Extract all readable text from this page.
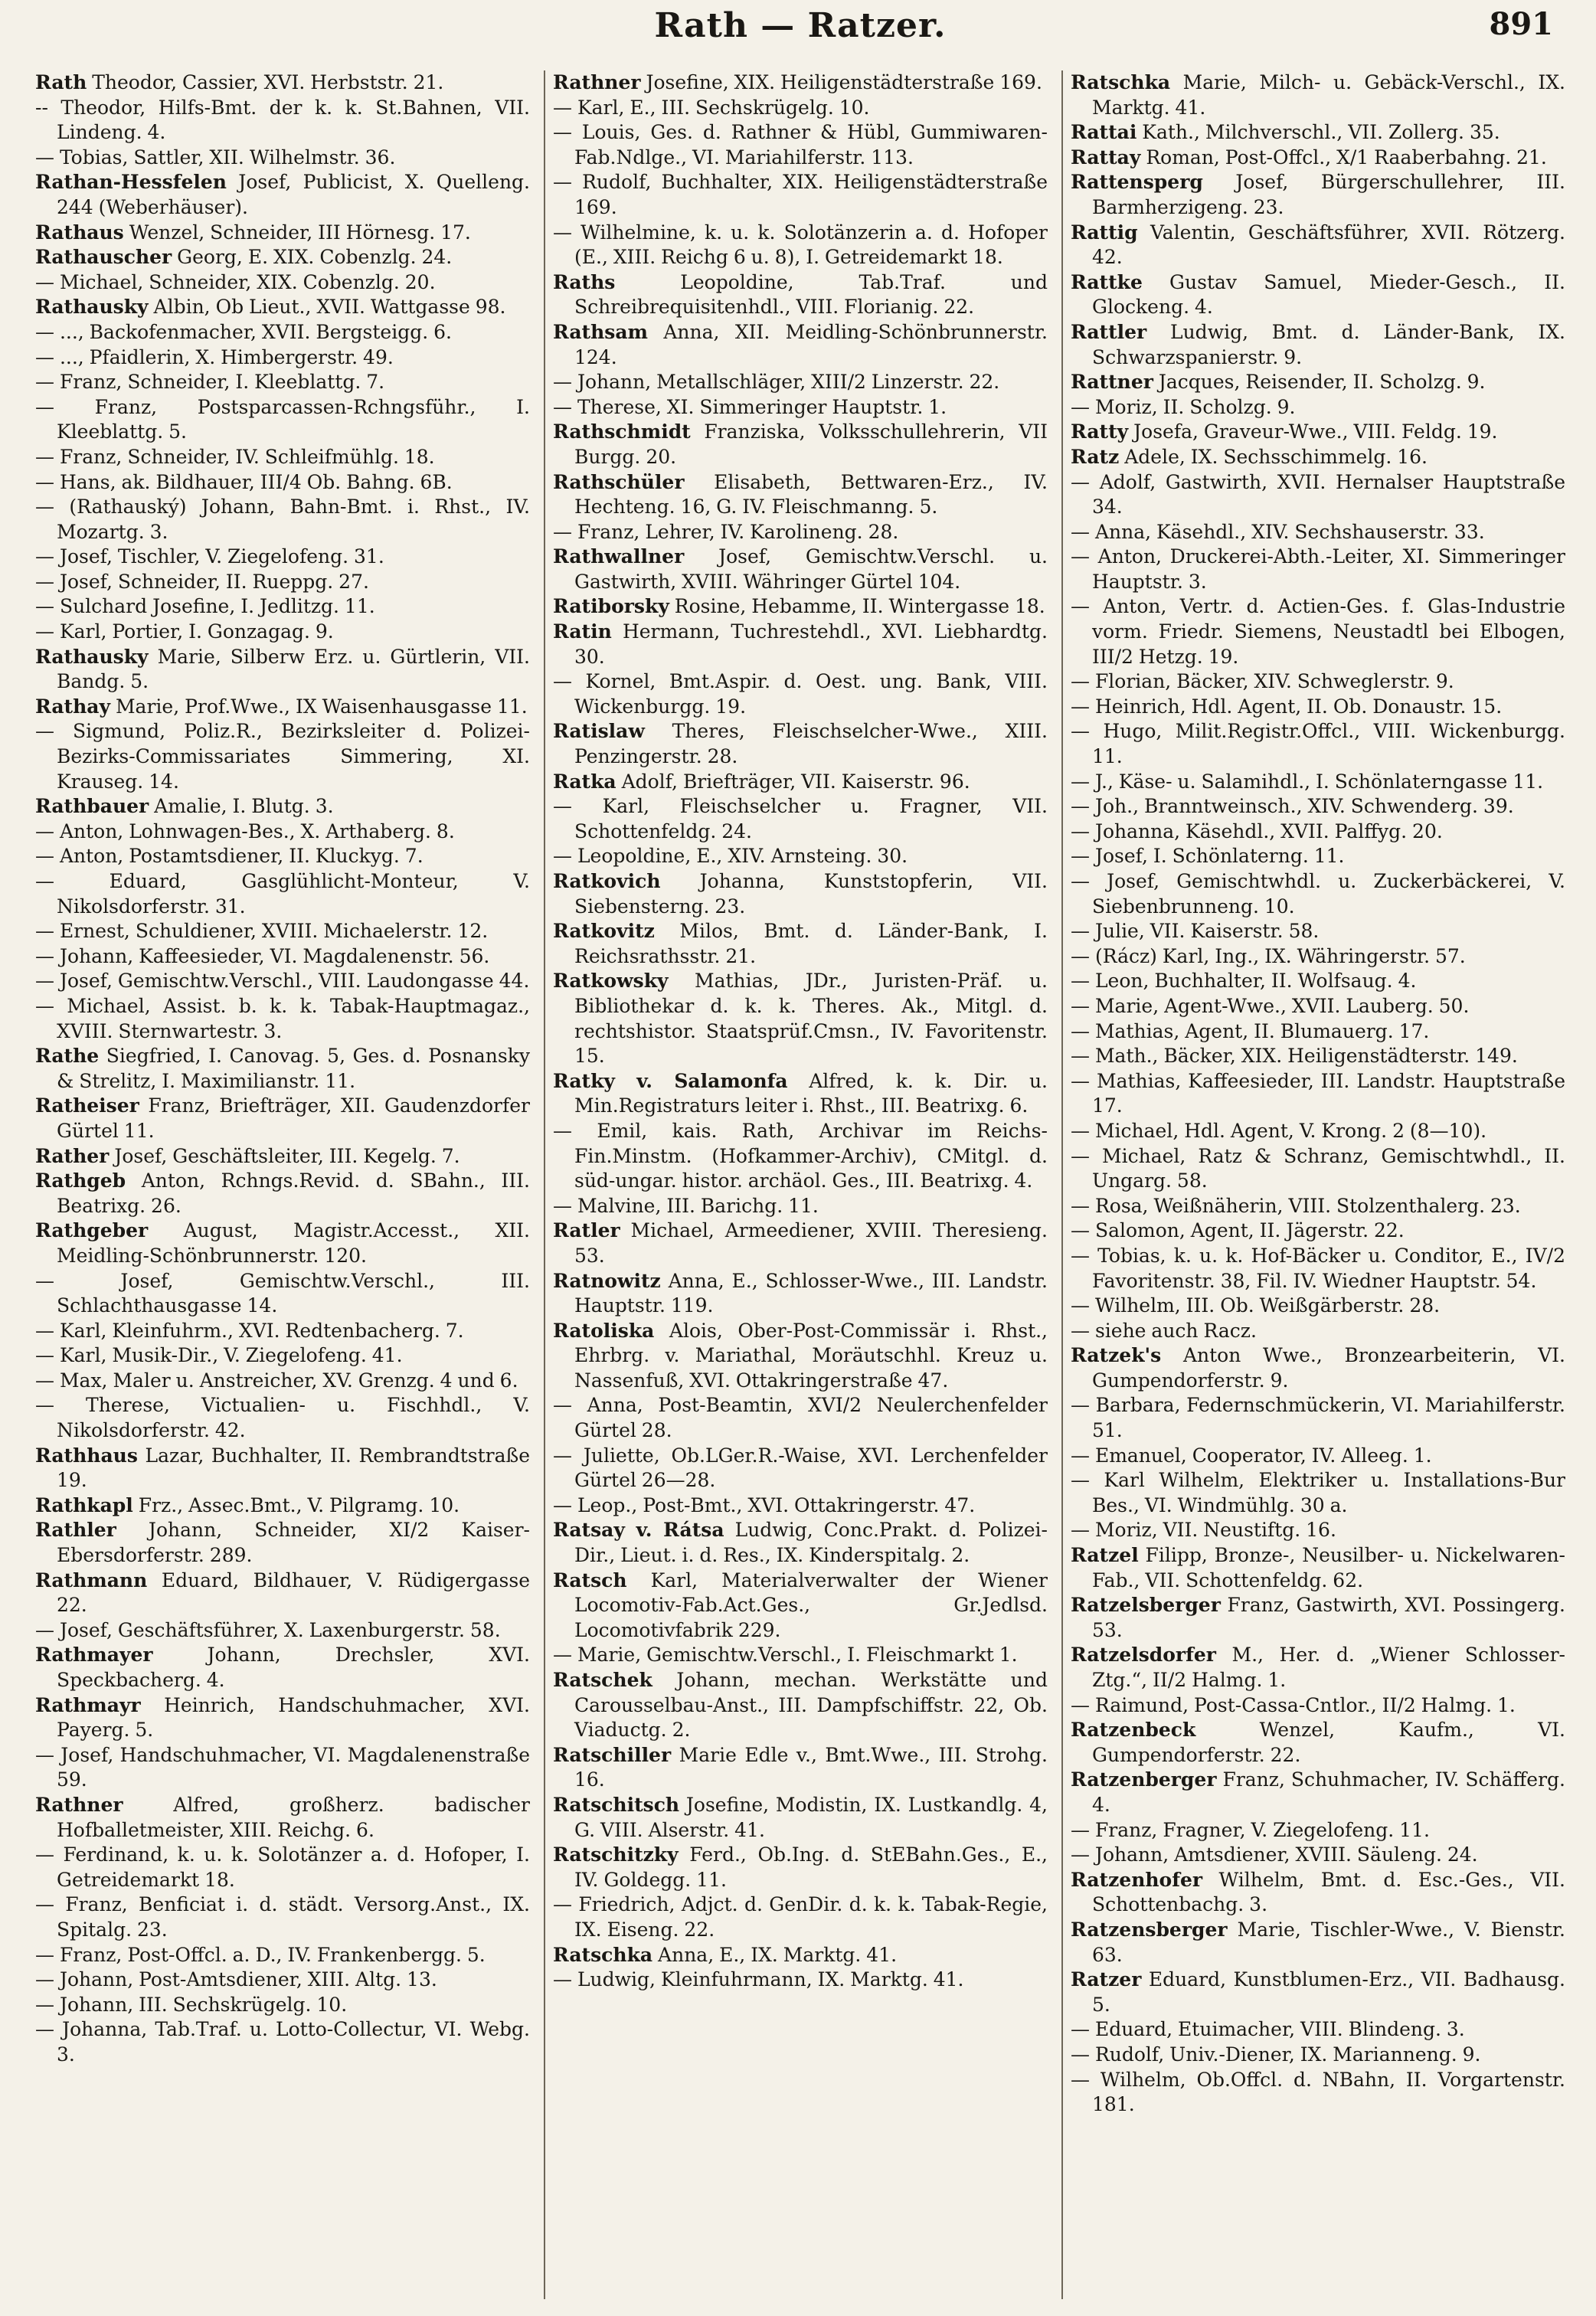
Rath — Ratzer.	891
Rath Theodor, Cassier, XVI. Herbststr. 21.
-- Theodor, Hilfs-Bmt. der k. k. St.Bahnen, VII. Lindeng. 4.
— Tobias, Sattler, XII. Wilhelmstr. 36.
Rathan-Hessfelen Josef, Publicist, X. Quelleng. 244 (Weberhäuser).
Rathaus Wenzel, Schneider, III Hörnesg. 17.
Rathauscher Georg, E. XIX. Cobenzlg. 24.
— Michael, Schneider, XIX. Cobenzlg. 20.
Rathausky Albin, Ob Lieut., XVII. Wattgasse 98.
— ..., Backofenmacher, XVII. Bergsteigg. 6.
— ..., Pfaidlerin, X. Himbergerstr. 49.
— Franz, Schneider, I. Kleeblattg. 7.
— Franz, Postsparcassen-Rchngsführ., I. Kleeblattg. 5.
— Franz, Schneider, IV. Schleifmühlg. 18.
— Hans, ak. Bildhauer, III/4 Ob. Bahng. 6B.
— (Rathauský) Johann, Bahn-Bmt. i. Rhst., IV. Mozartg. 3.
— Josef, Tischler, V. Ziegelofeng. 31.
— Josef, Schneider, II. Rueppg. 27.
— Sulchard Josefine, I. Jedlitzg. 11.
— Karl, Portier, I. Gonzagag. 9.
Rathausky Marie, Silberw Erz. u. Gürtlerin, VII. Bandg. 5.
Rathay Marie, Prof.Wwe., IX Waisenhausgasse 11.
— Sigmund, Poliz.R., Bezirksleiter d. Polizei-Bezirks-Commissariates Simmering, XI. Krauseg. 14.
Rathbauer Amalie, I. Blutg. 3.
— Anton, Lohnwagen-Bes., X. Arthaberg. 8.
— Anton, Postamtsdiener, II. Kluckyg. 7.
— Eduard, Gasglühlicht-Monteur, V. Nikolsdorferstr. 31.
— Ernest, Schuldiener, XVIII. Michaelerstr. 12.
— Johann, Kaffeesieder, VI. Magdalenenstr. 56.
— Josef, Gemischtw.Verschl., VIII. Laudongasse 44.
— Michael, Assist. b. k. k. Tabak-Hauptmagaz., XVIII. Sternwartestr. 3.
Rathe Siegfried, I. Canovag. 5, Ges. d. Posnansky & Strelitz, I. Maximilianstr. 11.
Ratheiser Franz, Briefträger, XII. Gaudenzdorfer Gürtel 11.
Rather Josef, Geschäftsleiter, III. Kegelg. 7.
Rathgeb Anton, Rchngs.Revid. d. SBahn., III. Beatrixg. 26.
Rathgeber August, Magistr.Accesst., XII. Meidling-Schönbrunnerstr. 120.
— Josef, Gemischtw.Verschl., III. Schlachthausgasse 14.
— Karl, Kleinfuhrm., XVI. Redtenbacherg. 7.
— Karl, Musik-Dir., V. Ziegelofeng. 41.
— Max, Maler u. Anstreicher, XV. Grenzg. 4 und 6.
— Therese, Victualien- u. Fischhdl., V. Nikolsdorferstr. 42.
Rathhaus Lazar, Buchhalter, II. Rembrandtstraße 19.
Rathkapl Frz., Assec.Bmt., V. Pilgramg. 10.
Rathler Johann, Schneider, XI/2 Kaiser-Ebersdorferstr. 289.
Rathmann Eduard, Bildhauer, V. Rüdigergasse 22.
— Josef, Geschäftsführer, X. Laxenburgerstr. 58.
Rathmayer	Johann, Drechsler, XVI. Speckbacherg. 4.
Rathmayr Heinrich, Handschuhmacher, XVI. Payerg. 5.
— Josef, Handschuhmacher, VI. Magdalenenstraße 59.
Rathner	Alfred, großherz. badischer Hofballetmeister, XIII. Reichg. 6.
— Ferdinand, k. u. k. Solotänzer a. d. Hofoper, I. Getreidemarkt 18.
— Franz, Benficiat i. d. städt. Versorg.Anst., IX. Spitalg. 23.
— Franz, Post-Offcl. a. D., IV. Frankenbergg. 5.
— Johann, Post-Amtsdiener, XIII. Altg. 13.
— Johann, III. Sechskrügelg. 10.
— Johanna, Tab.Traf. u. Lotto-Collectur, VI. Webg. 3.
Rathner Josefine, XIX. Heiligenstädterstraße 169.
— Karl, E., III. Sechskrügelg. 10.
— Louis, Ges. d. Rathner & Hübl, Gummiwaren-Fab.Ndlge., VI. Mariahilferstr. 113.
— Rudolf, Buchhalter, XIX. Heiligenstädterstraße 169.
— Wilhelmine, k. u. k. Solotänzerin a. d. Hofoper (E., XIII. Reichg 6 u. 8), I. Getreidemarkt 18.
Raths	Leopoldine, Tab.Traf. und Schreibrequisitenhdl., VIII. Florianig. 22.
Rathsam Anna, XII. Meidling-Schönbrunnerstr. 124.
— Johann, Metallschläger, XIII/2 Linzerstr. 22.
— Therese, XI. Simmeringer Hauptstr. 1.
Rathschmidt Franziska, Volksschullehrerin, VII Burgg. 20.
Rathschüler Elisabeth, Bettwaren-Erz., IV. Hechteng. 16, G. IV. Fleischmanng. 5.
— Franz, Lehrer, IV. Karolineng. 28.
Rathwallner Josef, Gemischtw.Verschl. u. Gastwirth, XVIII. Währinger Gürtel 104.
Ratiborsky Rosine, Hebamme, II. Wintergasse 18.
Ratin Hermann, Tuchrestehdl., XVI. Liebhardtg. 30.
— Kornel, Bmt.Aspir. d. Oest. ung. Bank, VIII. Wickenburgg. 19.
Ratislaw Theres, Fleischselcher-Wwe., XIII. Penzingerstr. 28.
Ratka Adolf, Briefträger, VII. Kaiserstr. 96.
— Karl, Fleischselcher u. Fragner, VII. Schottenfeldg. 24.
— Leopoldine, E., XIV. Arnsteing. 30.
Ratkovich Johanna, Kunststopferin, VII. Siebensterng. 23.
Ratkovitz Milos, Bmt. d. Länder-Bank, I. Reichsrathsstr. 21.
Ratkowsky Mathias, JDr., Juristen-Präf. u. Bibliothekar d. k. k. Theres. Ak., Mitgl. d. rechtshistor. Staatsprüf.Cmsn., IV. Favoritenstr. 15.
Ratky v. Salamonfa Alfred, k. k. Dir. u. Min.Registraturs leiter i. Rhst., III. Beatrixg. 6.
— Emil, kais. Rath, Archivar im Reichs-Fin.Minstm. (Hofkammer-Archiv), CMitgl. d. süd-ungar. histor. archäol. Ges., III. Beatrixg. 4.
— Malvine, III. Barichg. 11.
Ratler Michael, Armeediener, XVIII. Theresieng. 53.
Ratnowitz Anna, E., Schlosser-Wwe., III. Landstr. Hauptstr. 119.
Ratoliska Alois, Ober-Post-Commissär i. Rhst., Ehrbrg. v. Mariathal, Moräutschhl. Kreuz u. Nassenfuß, XVI. Ottakringerstraße 47.
— Anna, Post-Beamtin, XVI/2 Neulerchenfelder Gürtel 28.
— Juliette, Ob.LGer.R.-Waise, XVI. Lerchenfelder Gürtel 26—28.
— Leop., Post-Bmt., XVI. Ottakringerstr. 47.
Ratsay v. Rátsa Ludwig, Conc.Prakt. d. Polizei-Dir., Lieut. i. d. Res., IX. Kinderspitalg. 2.
Ratsch Karl, Materialverwalter der Wiener Locomotiv-Fab.Act.Ges., Gr.Jedlsd. Locomotivfabrik 229.
— Marie, Gemischtw.Verschl., I. Fleischmarkt 1.
Ratschek Johann, mechan. Werkstätte und Carousselbau-Anst., III. Dampfschiffstr. 22, Ob. Viaductg. 2.
Ratschiller Marie Edle v., Bmt.Wwe., III. Strohg. 16.
Ratschitsch Josefine, Modistin, IX. Lustkandlg. 4, G. VIII. Alserstr. 41.
Ratschitzky Ferd., Ob.Ing. d. StEBahn.Ges., E., IV. Goldegg. 11.
— Friedrich, Adjct. d. GenDir. d. k. k. Tabak-Regie, IX. Eiseng. 22.
Ratschka Anna, E., IX. Marktg. 41.
— Ludwig, Kleinfuhrmann, IX. Marktg. 41.
Ratschka Marie, Milch- u. Gebäck-Verschl., IX. Marktg. 41.
Rattai Kath., Milchverschl., VII. Zollerg. 35.
Rattay Roman, Post-Offcl., X/1 Raaberbahng. 21.
Rattensperg Josef, Bürgerschullehrer, III. Barmherzigeng. 23.
Rattig Valentin, Geschäftsführer, XVII. Rötzerg. 42.
Rattke Gustav Samuel, Mieder-Gesch., II. Glockeng. 4.
Rattler Ludwig, Bmt. d. Länder-Bank, IX. Schwarzspanierstr. 9.
Rattner Jacques, Reisender, II. Scholzg. 9.
— Moriz, II. Scholzg. 9.
Ratty Josefa, Graveur-Wwe., VIII. Feldg. 19.
Ratz Adele, IX. Sechsschimmelg. 16.
— Adolf, Gastwirth, XVII. Hernalser Hauptstraße 34.
— Anna, Käsehdl., XIV. Sechshauserstr. 33.
— Anton, Druckerei-Abth.-Leiter, XI. Simmeringer Hauptstr. 3.
— Anton, Vertr. d. Actien-Ges. f. Glas-Industrie vorm. Friedr. Siemens, Neustadtl bei Elbogen, III/2 Hetzg. 19.
— Florian, Bäcker, XIV. Schweglerstr. 9.
— Heinrich, Hdl. Agent, II. Ob. Donaustr. 15.
— Hugo, Milit.Registr.Offcl., VIII. Wickenburgg. 11.
— J., Käse- u. Salamihdl., I. Schönlaterngasse 11.
— Joh., Branntweinsch., XIV. Schwenderg. 39.
— Johanna, Käsehdl., XVII. Palffyg. 20.
— Josef, I. Schönlaterng. 11.
— Josef, Gemischtwhdl. u. Zuckerbäckerei, V. Siebenbrunneng. 10.
— Julie, VII. Kaiserstr. 58.
— (Rácz) Karl, Ing., IX. Währingerstr. 57.
— Leon, Buchhalter, II. Wolfsaug. 4.
— Marie, Agent-Wwe., XVII. Lauberg. 50.
— Mathias, Agent, II. Blumauerg. 17.
— Math., Bäcker, XIX. Heiligenstädterstr. 149.
— Mathias, Kaffeesieder, III. Landstr. Hauptstraße 17.
— Michael, Hdl. Agent, V. Krong. 2 (8—10).
— Michael, Ratz & Schranz, Gemischtwhdl., II. Ungarg. 58.
— Rosa, Weißnäherin, VIII. Stolzenthalerg. 23.
— Salomon, Agent, II. Jägerstr. 22.
— Tobias, k. u. k. Hof-Bäcker u. Conditor, E., IV/2 Favoritenstr. 38, Fil. IV. Wiedner Hauptstr. 54.
— Wilhelm, III. Ob. Weißgärberstr. 28.
— siehe auch Racz.
Ratzek's Anton Wwe., Bronzearbeiterin, VI. Gumpendorferstr. 9.
— Barbara, Federnschmückerin, VI. Mariahilferstr. 51.
— Emanuel, Cooperator, IV. Alleeg. 1.
— Karl Wilhelm, Elektriker u. Installations-Bur Bes., VI. Windmühlg. 30 a.
— Moriz, VII. Neustiftg. 16.
Ratzel Filipp, Bronze-, Neusilber- u. Nickelwaren-Fab., VII. Schottenfeldg. 62.
Ratzelsberger Franz, Gastwirth, XVI. Possingerg. 53.
Ratzelsdorfer M., Her. d. „Wiener Schlosser-Ztg.“, II/2 Halmg. 1.
— Raimund, Post-Cassa-Cntlor., II/2 Halmg. 1.
Ratzenbeck	Wenzel, Kaufm., VI. Gumpendorferstr. 22.
Ratzenberger Franz, Schuhmacher, IV. Schäfferg. 4.
— Franz, Fragner, V. Ziegelofeng. 11.
— Johann, Amtsdiener, XVIII. Säuleng. 24.
Ratzenhofer Wilhelm, Bmt. d. Esc.-Ges., VII. Schottenbachg. 3.
Ratzensberger Marie, Tischler-Wwe., V. Bienstr. 63.
Ratzer Eduard, Kunstblumen-Erz., VII. Badhausg. 5.
— Eduard, Etuimacher, VIII. Blindeng. 3.
— Rudolf, Univ.-Diener, IX. Marianneng. 9.
— Wilhelm, Ob.Offcl. d. NBahn, II. Vorgartenstr. 181.
